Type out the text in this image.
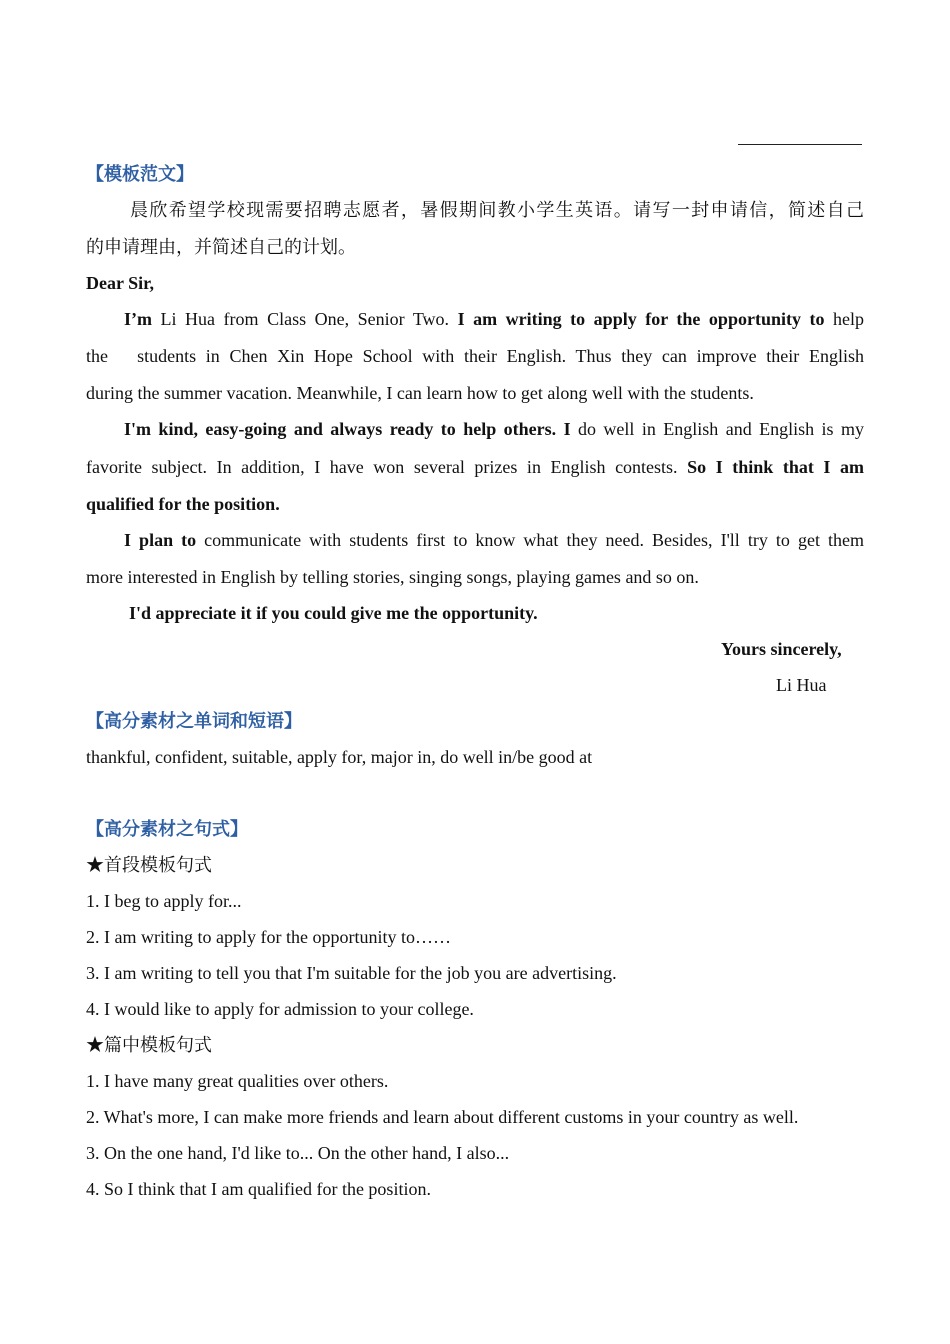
【模板范文】
晨欣希望学校现需要招聘志愿者，暑假期间教小学生英语。请写一封申请信，简述自己
的申请理由，并简述自己的计划。
Dear Sir,
I’m Li Hua from Class One, Senior Two. I am writing to apply for the opportunity to help
the   students in Chen Xin Hope School with their English. Thus they can improve their English
during the summer vacation. Meanwhile, I can learn how to get along well with the students.
I'm kind, easy-going and always ready to help others. I do well in English and English is my
favorite subject. In addition, I have won several prizes in English contests. So I think that I am
qualified for the position.
I plan to communicate with students first to know what they need. Besides, I'll try to get them
more interested in English by telling stories, singing songs, playing games and so on.
I'd appreciate it if you could give me the opportunity.
Yours sincerely,
Li Hua
【高分素材之单词和短语】
thankful, confident, suitable, apply for, major in, do well in/be good at
【高分素材之句式】
★首段模板句式
1. I beg to apply for...
2. I am writing to apply for the opportunity to……
3. I am writing to tell you that I'm suitable for the job you are advertising.
4. I would like to apply for admission to your college.
★篇中模板句式
1. I have many great qualities over others.
2. What's more, I can make more friends and learn about different customs in your country as well.
3. On the one hand, I'd like to... On the other hand, I also...
4. So I think that I am qualified for the position.
